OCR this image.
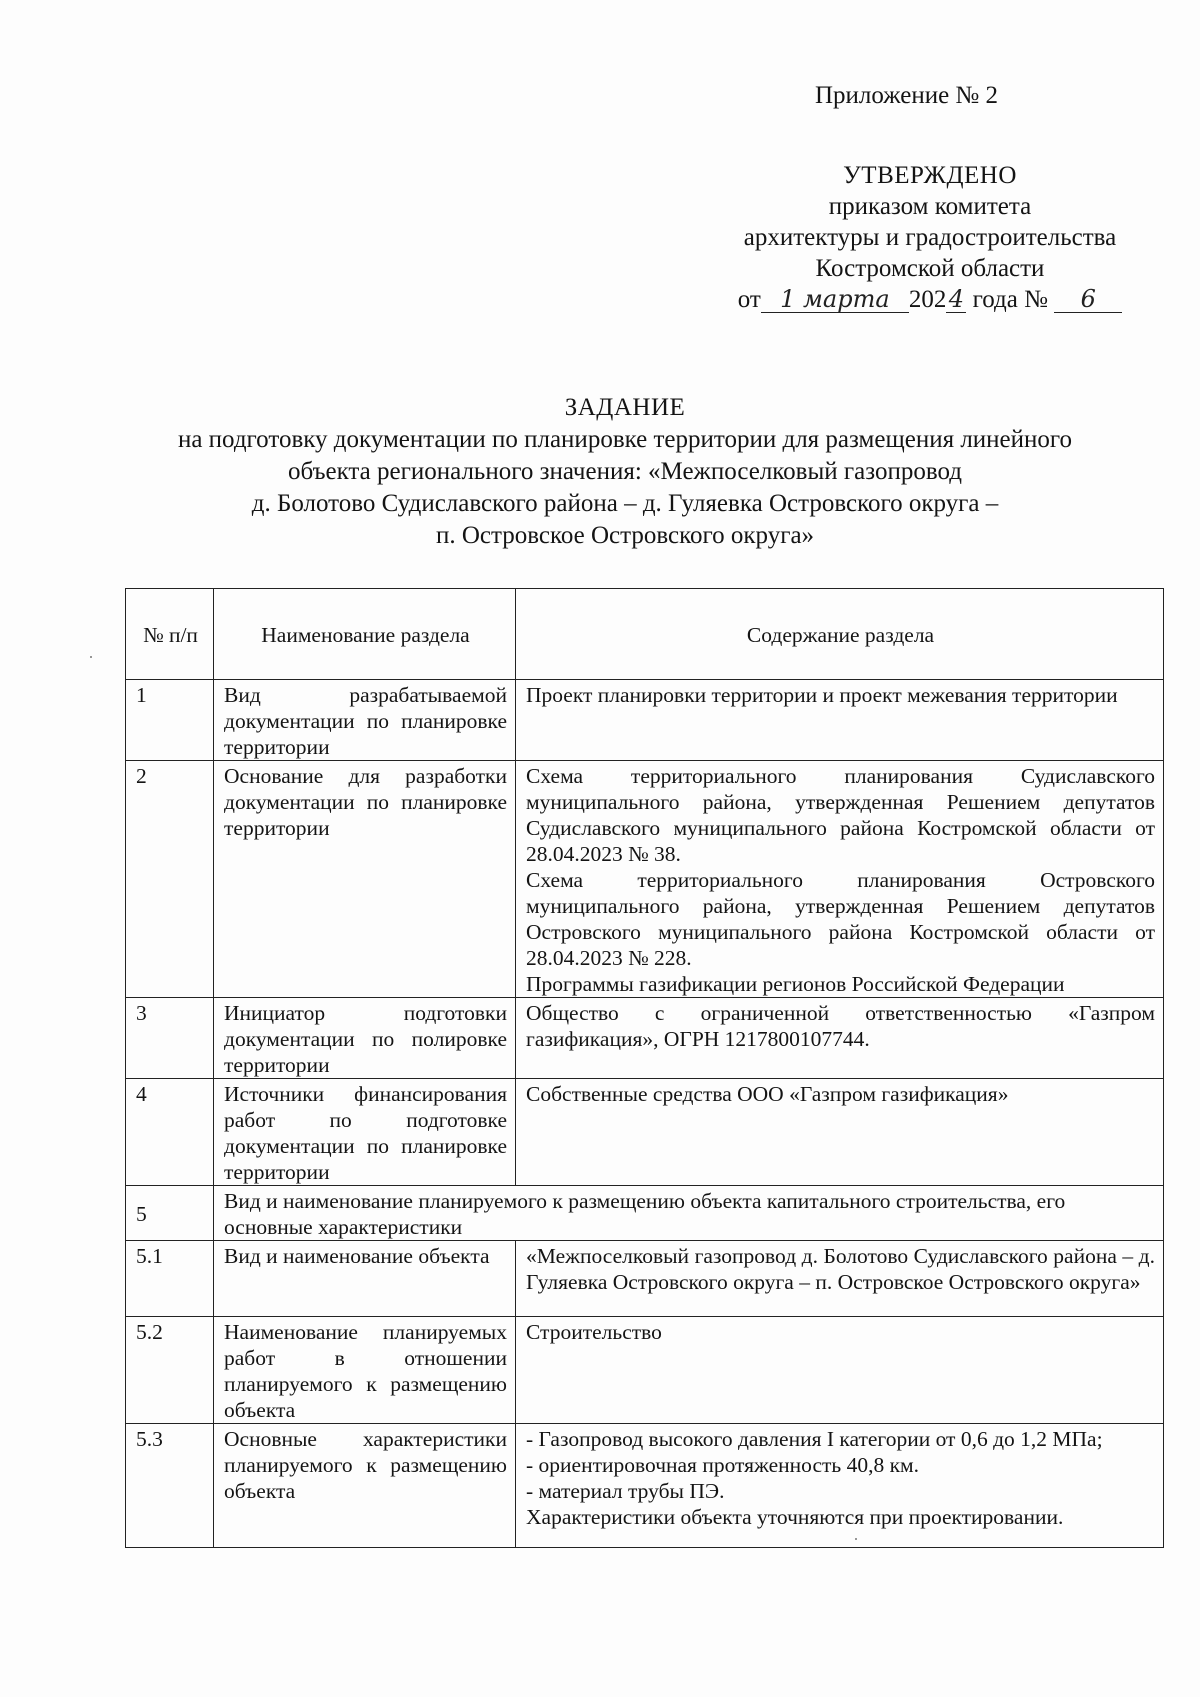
Приложение № 2
УТВЕРЖДЕНО
приказом комитета
архитектуры и градостроительства
Костромской области
от 1 марта 2024 года № 6
ЗАДАНИЕ
на подготовку документации по планировке территории для размещения линейного
объекта регионального значения: «Межпоселковый газопровод
д. Болотово Судиславского района – д. Гуляевка Островского округа –
п. Островское Островского округа»
№ п/п	Наименование раздела	Содержание раздела
1	Вид разрабатываемой документации по планировке территории	Проект планировки территории и проект межевания территории

2	Основание для разработки документации по планировке территории	Схема территориального планирования Судиславского муниципального района, утвержденная Решением депутатов Судиславского муниципального района Костромской области от 28.04.2023 № 38.

Схема территориального планирования Островского муниципального района, утвержденная Решением депутатов Островского муниципального района Костромской области от 28.04.2023 № 228.

Программы газификации регионов Российской Федерации

3	Инициатор подготовки документации по полировке территории	Общество с ограниченной ответственностью «Газпром газификация», ОГРН 1217800107744.

4	Источники финансирования работ по подготовке документации по планировке территории	Собственные средства ООО «Газпром газификация»

5	Вид и наименование планируемого к размещению объекта капитального строительства, его основные характеристики	
5.1	Вид и наименование объекта	«Межпоселковый газопровод д. Болотово Судиславского района – д. Гуляевка Островского округа – п. Островское Островского округа»

5.2	Наименование планируемых работ в отношении планируемого к размещению объекта	Строительство

5.3	Основные характеристики планируемого к размещению объекта	- Газопровод высокого давления I категории от 0,6 до 1,2 МПа;

- ориентировочная протяженность 40,8 км.

- материал трубы ПЭ.

Характеристики объекта уточняются при проектировании.
